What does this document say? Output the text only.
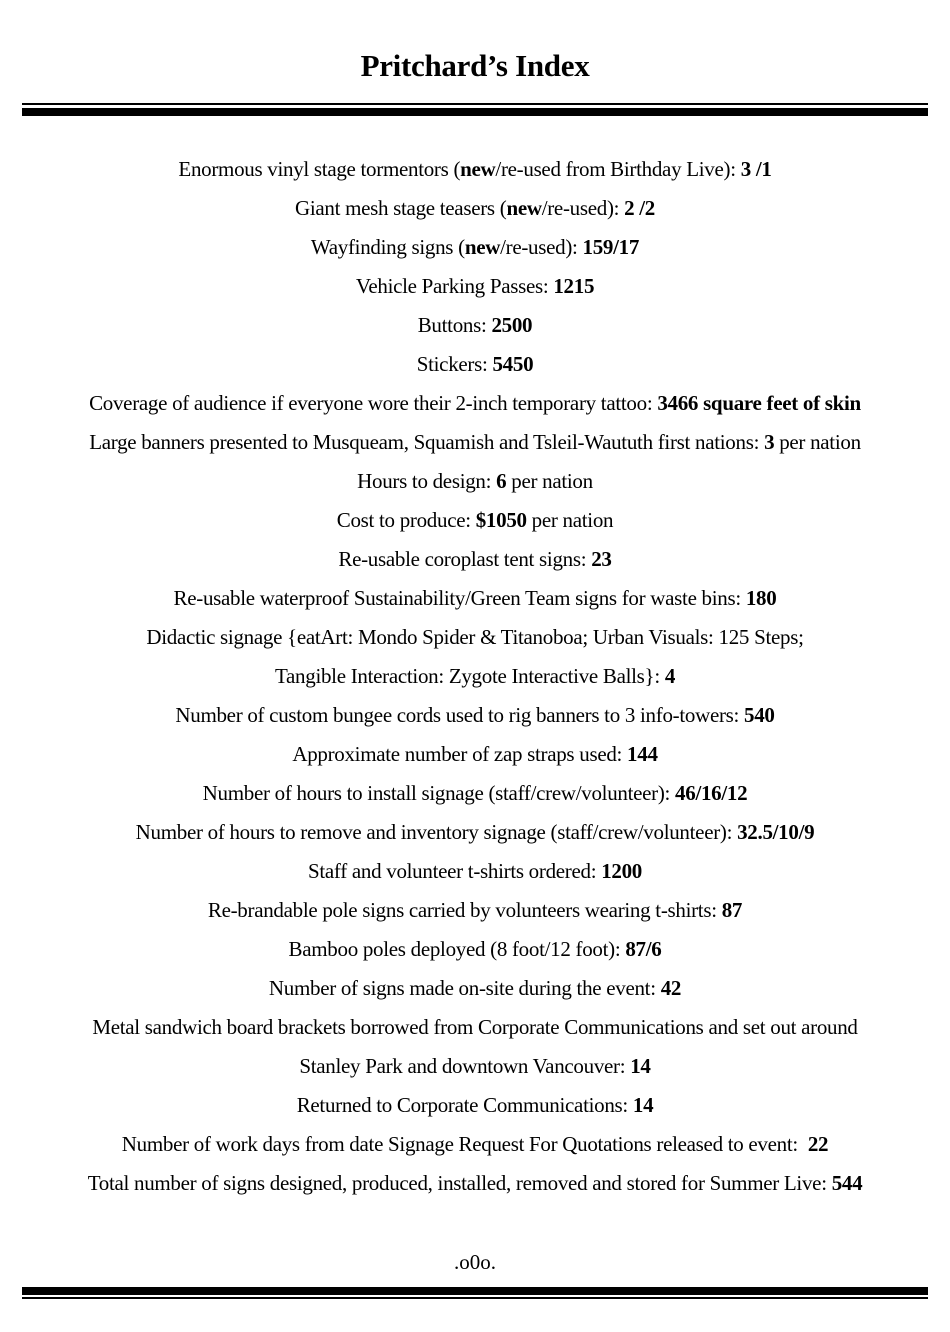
Pritchard’s Index
Enormous vinyl stage tormentors (new/re-used from Birthday Live): 3 /1
Giant mesh stage teasers (new/re-used): 2 /2
Wayfinding signs (new/re-used): 159/17
Vehicle Parking Passes: 1215
Buttons: 2500
Stickers: 5450
Coverage of audience if everyone wore their 2-inch temporary tattoo: 3466 square feet of skin
Large banners presented to Musqueam, Squamish and Tsleil-Waututh first nations: 3 per nation
Hours to design: 6 per nation
Cost to produce: $1050 per nation
Re-usable coroplast tent signs: 23
Re-usable waterproof Sustainability/Green Team signs for waste bins: 180
Didactic signage {eatArt: Mondo Spider & Titanoboa; Urban Visuals: 125 Steps;
Tangible Interaction: Zygote Interactive Balls}: 4
Number of custom bungee cords used to rig banners to 3 info-towers: 540
Approximate number of zap straps used: 144
Number of hours to install signage (staff/crew/volunteer): 46/16/12
Number of hours to remove and inventory signage (staff/crew/volunteer): 32.5/10/9
Staff and volunteer t-shirts ordered: 1200
Re-brandable pole signs carried by volunteers wearing t-shirts: 87
Bamboo poles deployed (8 foot/12 foot): 87/6
Number of signs made on-site during the event: 42
Metal sandwich board brackets borrowed from Corporate Communications and set out around
Stanley Park and downtown Vancouver: 14
Returned to Corporate Communications: 14
Number of work days from date Signage Request For Quotations released to event:  22
Total number of signs designed, produced, installed, removed and stored for Summer Live: 544
.o0o.
